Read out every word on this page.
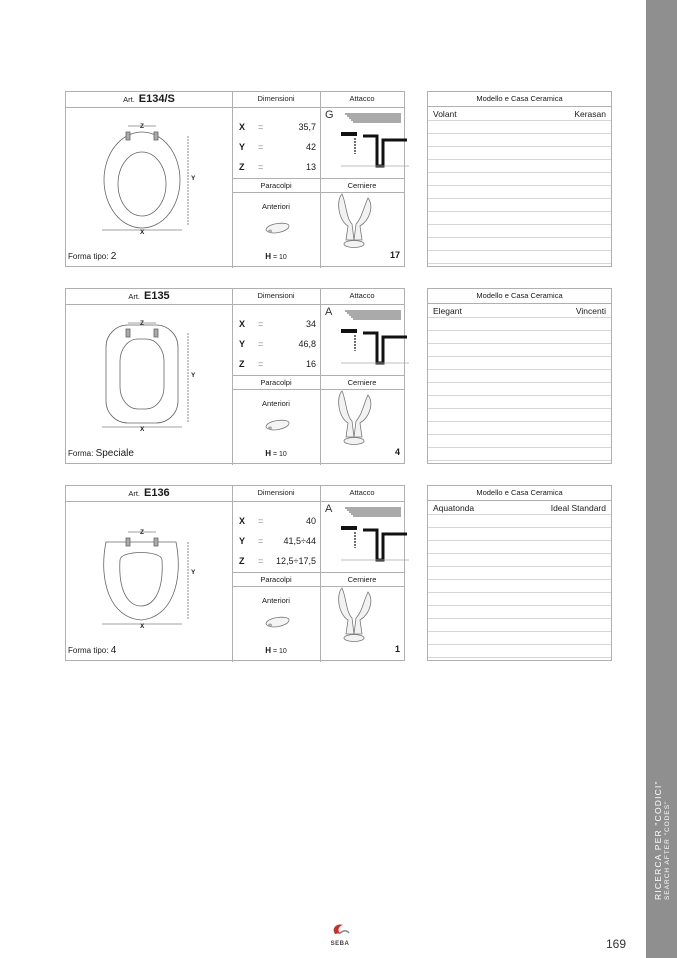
RICERCA PER "CODICI" SEARCH AFTER "CODES"
Art. E134/S	Dimensioni	Attacco
X =	35,7
Y =	42
Z =	13
Paracolpi	Cerniere
Anteriori
H = 10	17
Forma tipo: 2
G
X
Z
Y
Modello e Casa Ceramica
Volant	Kerasan
Art. E135	Dimensioni	Attacco
X =	34
Y =	46,8
Z =	16
Paracolpi	Cerniere
Anteriori
H = 10	4
Forma: Speciale
A
X
Z
Y
Modello e Casa Ceramica
Elegant	Vincenti
Art. E136	Dimensioni	Attacco
X =	40
Y = 41,5÷44
Z = 12,5÷17,5
Paracolpi	Cerniere
Anteriori
H = 10	1
Forma tipo: 4
A
X
Z
Y
Modello e Casa Ceramica
Aquatonda	Ideal Standard
SEBA	169
